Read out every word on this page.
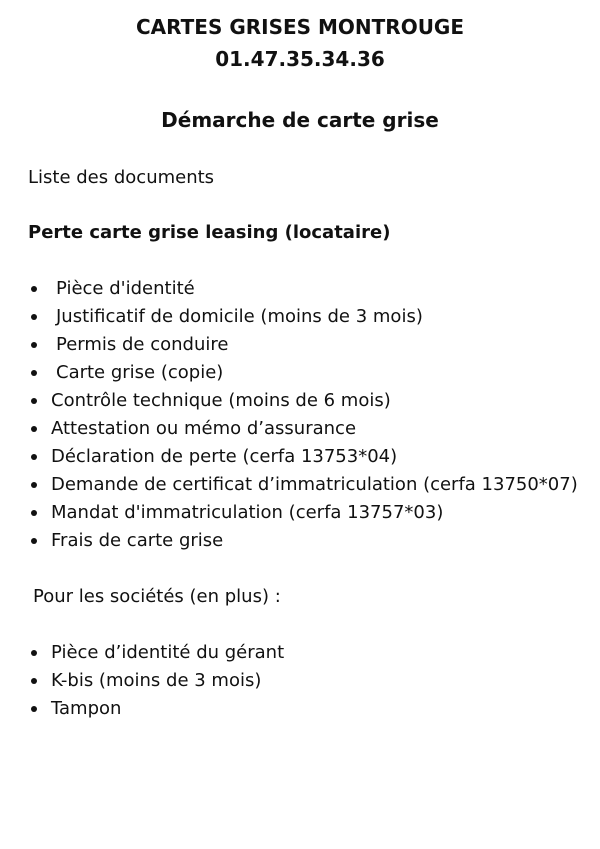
CARTES GRISES MONTROUGE
01.47.35.34.36
Démarche de carte grise
Liste des documents
Perte carte grise leasing (locataire)
Pièce d'identité
Justificatif de domicile (moins de 3 mois)
Permis de conduire
Carte grise (copie)
Contrôle technique (moins de 6 mois)
Attestation ou mémo d’assurance
Déclaration de perte (cerfa 13753*04)
Demande de certificat d’immatriculation (cerfa 13750*07)
Mandat d'immatriculation (cerfa 13757*03)
Frais de carte grise
Pour les sociétés (en plus) :
Pièce d’identité du gérant
K-bis (moins de 3 mois)
Tampon
